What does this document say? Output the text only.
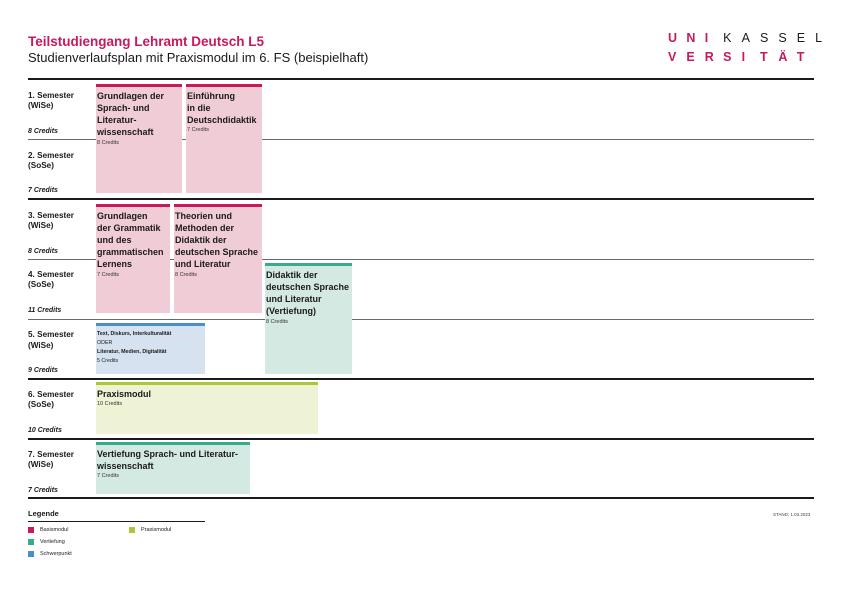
Teilstudiengang Lehramt Deutsch L5
Studienverlaufsplan mit Praxismodul im 6. FS (beispielhaft)
U N I K A S S E L
V E R S I T Ä T
1. Semester
(WiSe)
8 Credits
2. Semester
(SoSe)
7 Credits
3. Semester
(WiSe)
8 Credits
4. Semester
(SoSe)
11 Credits
5. Semester
(WiSe)
9 Credits
6. Semester
(SoSe)
10 Credits
7. Semester
(WiSe)
7 Credits
Grundlagen der
Sprach- und
Literatur-
wissenschaft
8 Credits
Einführung
in die
Deutschdidaktik
7 Credits
Grundlagen
der Grammatik
und des
grammatischen
Lernens
7 Credits
Theorien und
Methoden der
Didaktik der
deutschen Sprache
und Literatur
8 Credits	Didaktik der
deutschen Sprache
und Literatur
(Vertiefung)
8 Credits
Text, Diskurs, Interkulturalität
ODER
Literatur, Medien, Digitalität
5 Credits
Praxismodul
10 Credits
Vertiefung Sprach- und Literatur-
wissenschaft
7 Credits
Legende
Basismodul
Vertiefung
Schwerpunkt
Praxismodul
STAND: 1.03.2023
